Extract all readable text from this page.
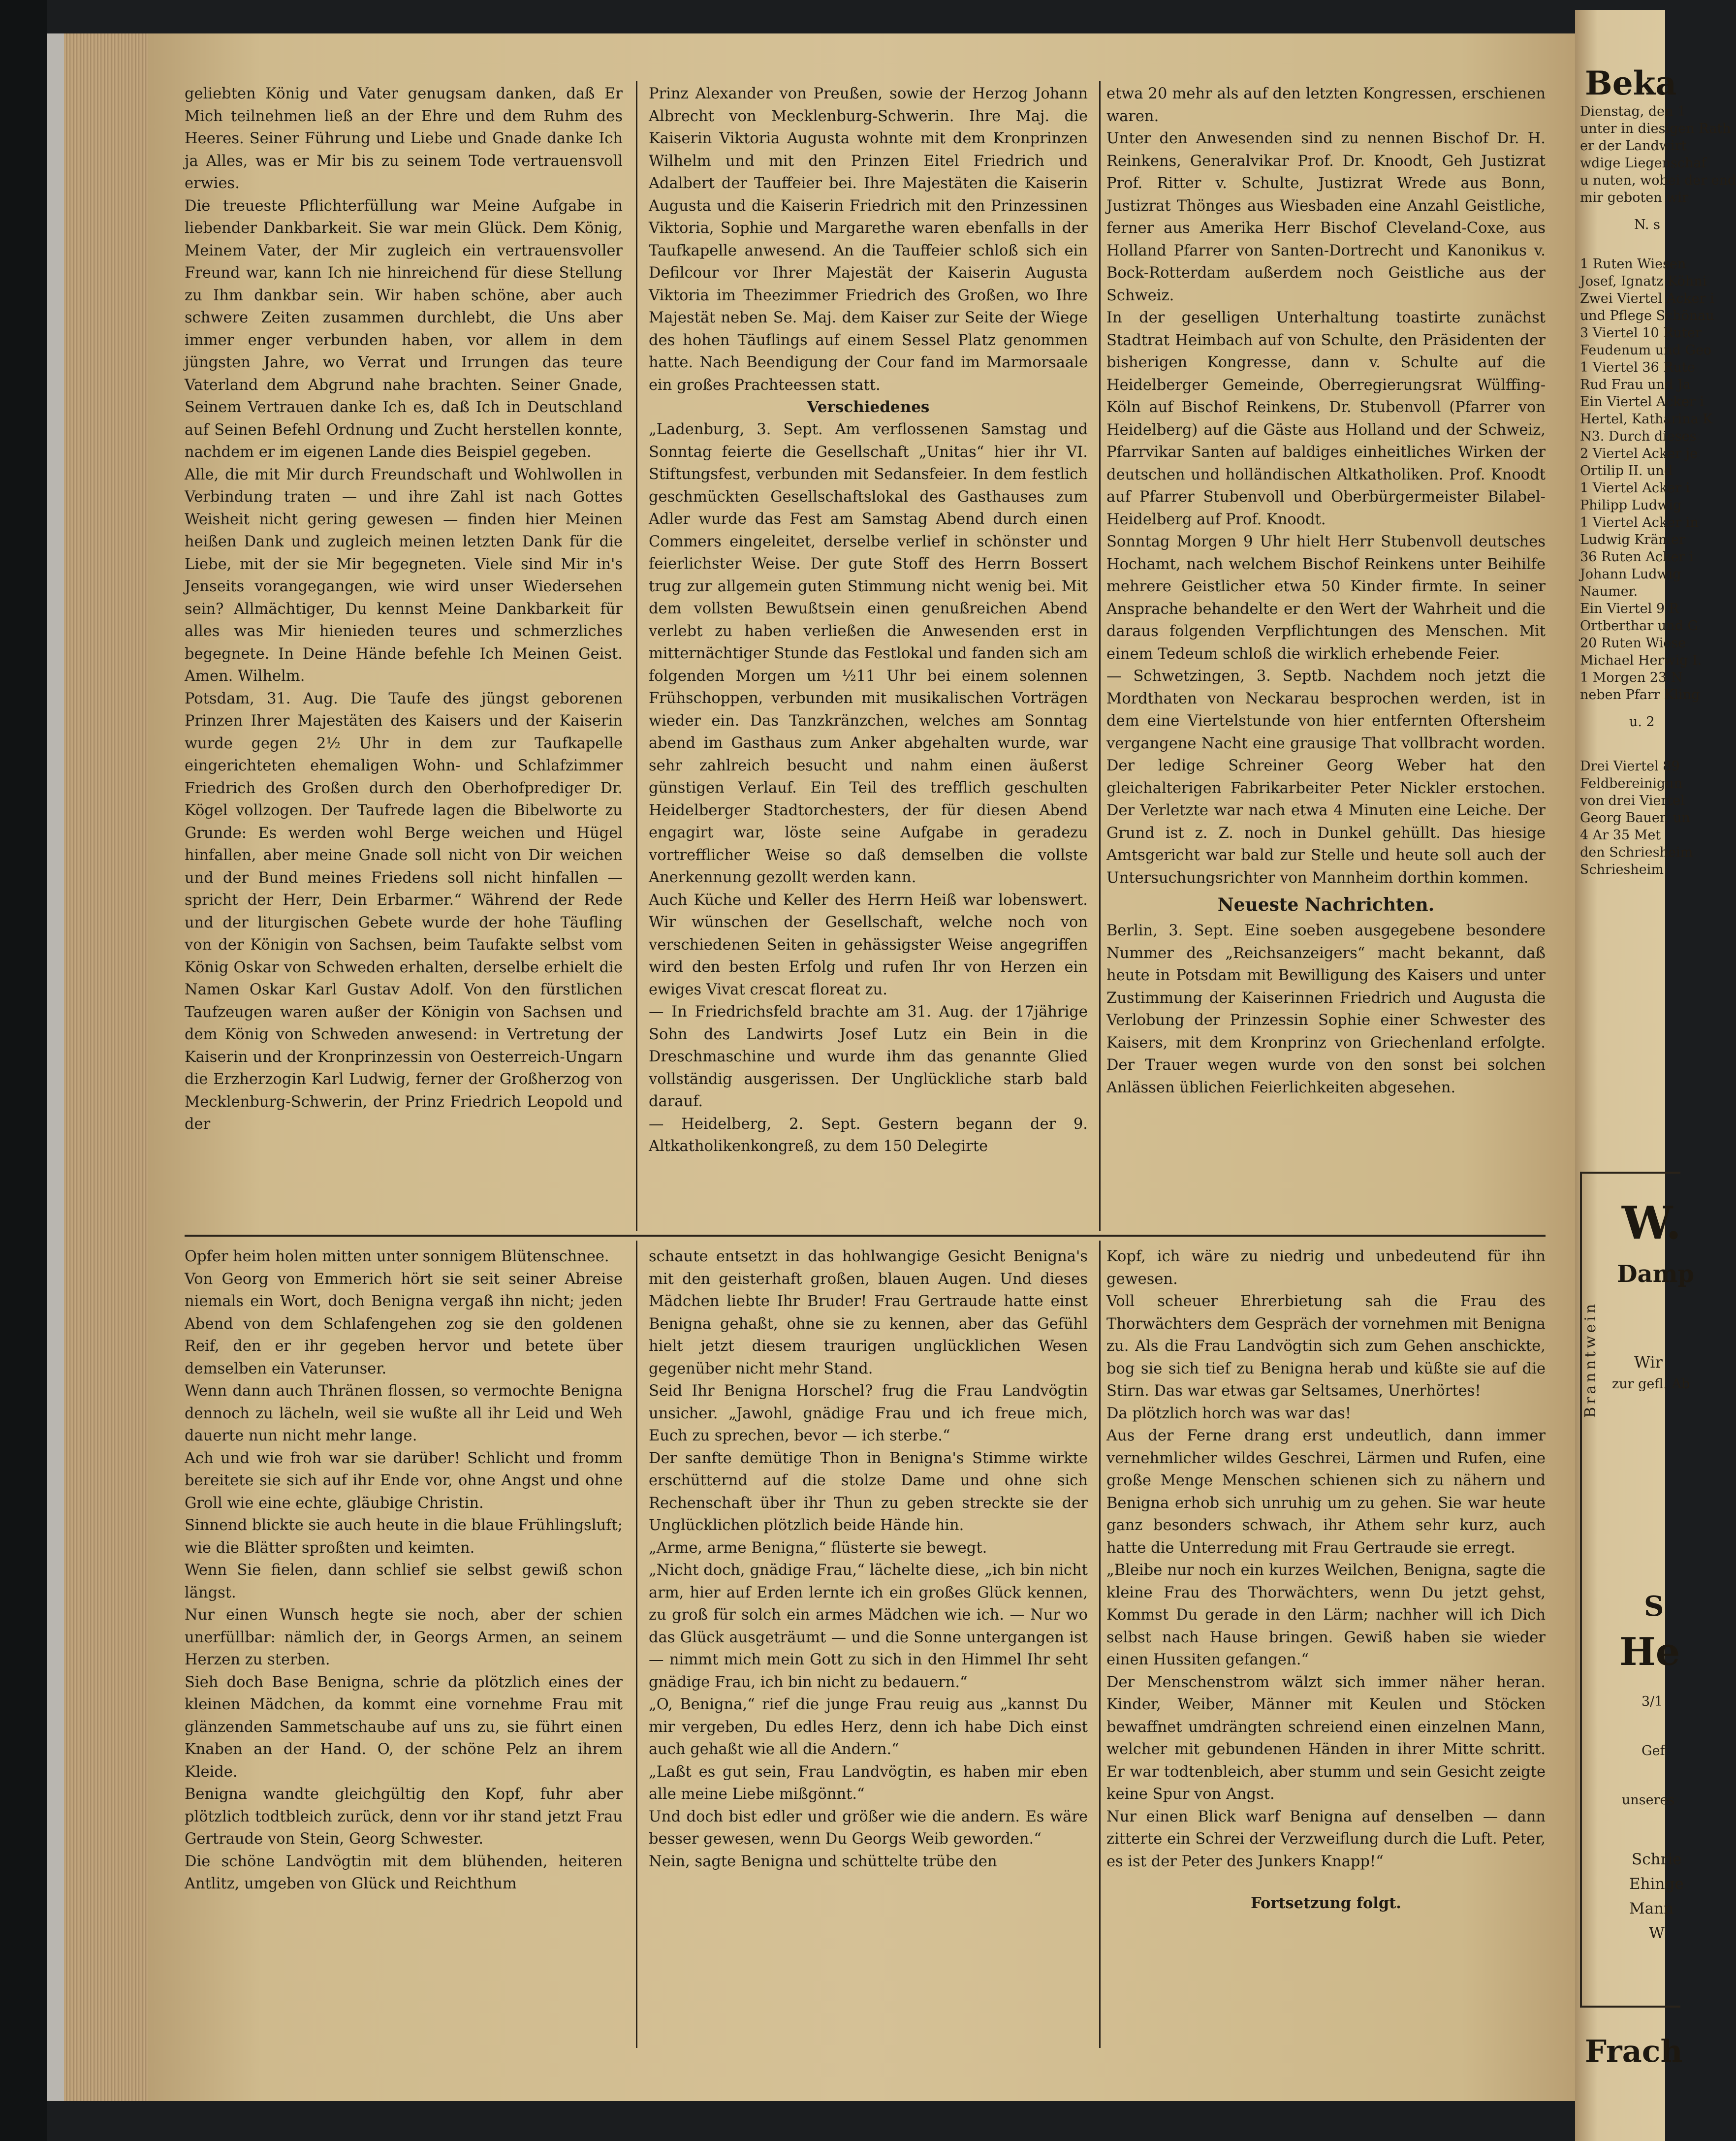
geliebten König und Vater genugsam danken, daß Er Mich teilnehmen ließ an der Ehre und dem Ruhm des Heeres. Seiner Führung und Liebe und Gnade danke Ich ja Alles, was er Mir bis zu seinem Tode vertrauensvoll erwies.
Die treueste Pflichterfüllung war Meine Aufgabe in liebender Dankbarkeit. Sie war mein Glück. Dem König, Meinem Vater, der Mir zugleich ein vertrauensvoller Freund war, kann Ich nie hinreichend für diese Stellung zu Ihm dankbar sein. Wir haben schöne, aber auch schwere Zeiten zusammen durchlebt, die Uns aber immer enger verbunden haben, vor allem in dem jüngsten Jahre, wo Verrat und Irrungen das teure Vaterland dem Abgrund nahe brachten. Seiner Gnade, Seinem Vertrauen danke Ich es, daß Ich in Deutschland auf Seinen Befehl Ordnung und Zucht herstellen konnte, nachdem er im eigenen Lande dies Beispiel gegeben.
Alle, die mit Mir durch Freundschaft und Wohlwollen in Verbindung traten — und ihre Zahl ist nach Gottes Weisheit nicht gering gewesen — finden hier Meinen heißen Dank und zugleich meinen letzten Dank für die Liebe, mit der sie Mir begegneten. Viele sind Mir in's Jenseits vorangegangen, wie wird unser Wiedersehen sein? Allmächtiger, Du kennst Meine Dankbarkeit für alles was Mir hienieden teures und schmerzliches begegnete. In Deine Hände befehle Ich Meinen Geist. Amen. Wilhelm.
Potsdam, 31. Aug. Die Taufe des jüngst geborenen Prinzen Ihrer Majestäten des Kaisers und der Kaiserin wurde gegen 2½ Uhr in dem zur Taufkapelle eingerichteten ehemaligen Wohn- und Schlafzimmer Friedrich des Großen durch den Oberhofprediger Dr. Kögel vollzogen. Der Taufrede lagen die Bibelworte zu Grunde: Es werden wohl Berge weichen und Hügel hinfallen, aber meine Gnade soll nicht von Dir weichen und der Bund meines Friedens soll nicht hinfallen — spricht der Herr, Dein Erbarmer.“ Während der Rede und der liturgischen Gebete wurde der hohe Täufling von der Königin von Sachsen, beim Taufakte selbst vom König Oskar von Schweden erhalten, derselbe erhielt die Namen Oskar Karl Gustav Adolf. Von den fürstlichen Taufzeugen waren außer der Königin von Sachsen und dem König von Schweden anwesend: in Vertretung der Kaiserin und der Kronprinzessin von Oesterreich-Ungarn die Erzherzogin Karl Ludwig, ferner der Großherzog von Mecklenburg-Schwerin, der Prinz Friedrich Leopold und der

Prinz Alexander von Preußen, sowie der Herzog Johann Albrecht von Mecklenburg-Schwerin. Ihre Maj. die Kaiserin Viktoria Augusta wohnte mit dem Kronprinzen Wilhelm und mit den Prinzen Eitel Friedrich und Adalbert der Tauffeier bei. Ihre Majestäten die Kaiserin Augusta und die Kaiserin Friedrich mit den Prinzessinen Viktoria, Sophie und Margarethe waren ebenfalls in der Taufkapelle anwesend. An die Tauffeier schloß sich ein Defilcour vor Ihrer Majestät der Kaiserin Augusta Viktoria im Theezimmer Friedrich des Großen, wo Ihre Majestät neben Se. Maj. dem Kaiser zur Seite der Wiege des hohen Täuflings auf einem Sessel Platz genommen hatte. Nach Beendigung der Cour fand im Marmorsaale ein großes Prachteessen statt.

Verschiedenes

„Ladenburg, 3. Sept. Am verflossenen Samstag und Sonntag feierte die Gesellschaft „Unitas“ hier ihr VI. Stiftungsfest, verbunden mit Sedansfeier. In dem festlich geschmückten Gesellschaftslokal des Gasthauses zum Adler wurde das Fest am Samstag Abend durch einen Commers eingeleitet, derselbe verlief in schönster und feierlichster Weise. Der gute Stoff des Herrn Bossert trug zur allgemein guten Stimmung nicht wenig bei. Mit dem vollsten Bewußtsein einen genußreichen Abend verlebt zu haben verließen die Anwesenden erst in mitternächtiger Stunde das Festlokal und fanden sich am folgenden Morgen um ½11 Uhr bei einem solennen Frühschoppen, verbunden mit musikalischen Vorträgen wieder ein. Das Tanzkränzchen, welches am Sonntag abend im Gasthaus zum Anker abgehalten wurde, war sehr zahlreich besucht und nahm einen äußerst günstigen Verlauf. Ein Teil des trefflich geschulten Heidelberger Stadtorchesters, der für diesen Abend engagirt war, löste seine Aufgabe in geradezu vortrefflicher Weise so daß demselben die vollste Anerkennung gezollt werden kann.
Auch Küche und Keller des Herrn Heiß war lobenswert. Wir wünschen der Gesellschaft, welche noch von verschiedenen Seiten in gehässigster Weise angegriffen wird den besten Erfolg und rufen Ihr von Herzen ein ewiges Vivat crescat floreat zu.
— In Friedrichsfeld brachte am 31. Aug. der 17jährige Sohn des Landwirts Josef Lutz ein Bein in die Dreschmaschine und wurde ihm das genannte Glied vollständig ausgerissen. Der Unglückliche starb bald darauf.
— Heidelberg, 2. Sept. Gestern begann der 9. Altkatholikenkongreß, zu dem 150 Delegirte

etwa 20 mehr als auf den letzten Kongressen, erschienen waren.
Unter den Anwesenden sind zu nennen Bischof Dr. H. Reinkens, Generalvikar Prof. Dr. Knoodt, Geh Justizrat Prof. Ritter v. Schulte, Justizrat Wrede aus Bonn, Justizrat Thönges aus Wiesbaden eine Anzahl Geistliche, ferner aus Amerika Herr Bischof Cleveland-Coxe, aus Holland Pfarrer von Santen-Dortrecht und Kanonikus v. Bock-Rotterdam außerdem noch Geistliche aus der Schweiz.
In der geselligen Unterhaltung toastirte zunächst Stadtrat Heimbach auf von Schulte, den Präsidenten der bisherigen Kongresse, dann v. Schulte auf die Heidelberger Gemeinde, Oberregierungsrat Wülffing-Köln auf Bischof Reinkens, Dr. Stubenvoll (Pfarrer von Heidelberg) auf die Gäste aus Holland und der Schweiz, Pfarrvikar Santen auf baldiges einheitliches Wirken der deutschen und holländischen Altkatholiken. Prof. Knoodt auf Pfarrer Stubenvoll und Oberbürgermeister Bilabel-Heidelberg auf Prof. Knoodt.
Sonntag Morgen 9 Uhr hielt Herr Stubenvoll deutsches Hochamt, nach welchem Bischof Reinkens unter Beihilfe mehrere Geistlicher etwa 50 Kinder firmte. In seiner Ansprache behandelte er den Wert der Wahrheit und die daraus folgenden Verpflichtungen des Menschen. Mit einem Tedeum schloß die wirklich erhebende Feier.
— Schwetzingen, 3. Septb. Nachdem noch jetzt die Mordthaten von Neckarau besprochen werden, ist in dem eine Viertelstunde von hier entfernten Oftersheim vergangene Nacht eine grausige That vollbracht worden. Der ledige Schreiner Georg Weber hat den gleichalterigen Fabrikarbeiter Peter Nickler erstochen. Der Verletzte war nach etwa 4 Minuten eine Leiche. Der Grund ist z. Z. noch in Dunkel gehüllt. Das hiesige Amtsgericht war bald zur Stelle und heute soll auch der Untersuchungsrichter von Mannheim dorthin kommen.

Neueste Nachrichten.

Berlin, 3. Sept. Eine soeben ausgegebene besondere Nummer des „Reichsanzeigers“ macht bekannt, daß heute in Potsdam mit Bewilligung des Kaisers und unter Zustimmung der Kaiserinnen Friedrich und Augusta die Verlobung der Prinzessin Sophie einer Schwester des Kaisers, mit dem Kronprinz von Griechenland erfolgte. Der Trauer wegen wurde von den sonst bei solchen Anlässen üblichen Feierlichkeiten abgesehen.

Opfer heim holen mitten unter sonnigem Blütenschnee.
Von Georg von Emmerich hört sie seit seiner Abreise niemals ein Wort, doch Benigna vergaß ihn nicht; jeden Abend von dem Schlafengehen zog sie den goldenen Reif, den er ihr gegeben hervor und betete über demselben ein Vaterunser.
Wenn dann auch Thränen flossen, so vermochte Benigna dennoch zu lächeln, weil sie wußte all ihr Leid und Weh dauerte nun nicht mehr lange.
Ach und wie froh war sie darüber! Schlicht und fromm bereitete sie sich auf ihr Ende vor, ohne Angst und ohne Groll wie eine echte, gläubige Christin.
Sinnend blickte sie auch heute in die blaue Frühlingsluft; wie die Blätter sproßten und keimten.
Wenn Sie fielen, dann schlief sie selbst gewiß schon längst.
Nur einen Wunsch hegte sie noch, aber der schien unerfüllbar: nämlich der, in Georgs Armen, an seinem Herzen zu sterben.
Sieh doch Base Benigna, schrie da plötzlich eines der kleinen Mädchen, da kommt eine vornehme Frau mit glänzenden Sammetschaube auf uns zu, sie führt einen Knaben an der Hand. O, der schöne Pelz an ihrem Kleide.
Benigna wandte gleichgültig den Kopf, fuhr aber plötzlich todtbleich zurück, denn vor ihr stand jetzt Frau Gertraude von Stein, Georg Schwester.
Die schöne Landvögtin mit dem blühenden, heiteren Antlitz, umgeben von Glück und Reichthum

schaute entsetzt in das hohlwangige Gesicht Benigna's mit den geisterhaft großen, blauen Augen. Und dieses Mädchen liebte Ihr Bruder! Frau Gertraude hatte einst Benigna gehaßt, ohne sie zu kennen, aber das Gefühl hielt jetzt diesem traurigen unglücklichen Wesen gegenüber nicht mehr Stand.
Seid Ihr Benigna Horschel? frug die Frau Landvögtin unsicher. „Jawohl, gnädige Frau und ich freue mich, Euch zu sprechen, bevor — ich sterbe.“
Der sanfte demütige Thon in Benigna's Stimme wirkte erschütternd auf die stolze Dame und ohne sich Rechenschaft über ihr Thun zu geben streckte sie der Unglücklichen plötzlich beide Hände hin.
„Arme, arme Benigna,“ flüsterte sie bewegt.
„Nicht doch, gnädige Frau,“ lächelte diese, „ich bin nicht arm, hier auf Erden lernte ich ein großes Glück kennen, zu groß für solch ein armes Mädchen wie ich. — Nur wo das Glück ausgeträumt — und die Sonne untergangen ist — nimmt mich mein Gott zu sich in den Himmel Ihr seht gnädige Frau, ich bin nicht zu bedauern.“
„O, Benigna,“ rief die junge Frau reuig aus „kannst Du mir vergeben, Du edles Herz, denn ich habe Dich einst auch gehaßt wie all die Andern.“
„Laßt es gut sein, Frau Landvögtin, es haben mir eben alle meine Liebe mißgönnt.“
Und doch bist edler und größer wie die andern. Es wäre besser gewesen, wenn Du Georgs Weib geworden.“
Nein, sagte Benigna und schüttelte trübe den

Kopf, ich wäre zu niedrig und unbedeutend für ihn gewesen.
Voll scheuer Ehrerbietung sah die Frau des Thorwächters dem Gespräch der vornehmen mit Benigna zu. Als die Frau Landvögtin sich zum Gehen anschickte, bog sie sich tief zu Benigna herab und küßte sie auf die Stirn. Das war etwas gar Seltsames, Unerhörtes!
Da plötzlich horch was war das!
Aus der Ferne drang erst undeutlich, dann immer vernehmlicher wildes Geschrei, Lärmen und Rufen, eine große Menge Menschen schienen sich zu nähern und Benigna erhob sich unruhig um zu gehen. Sie war heute ganz besonders schwach, ihr Athem sehr kurz, auch hatte die Unterredung mit Frau Gertraude sie erregt.
„Bleibe nur noch ein kurzes Weilchen, Benigna, sagte die kleine Frau des Thorwächters, wenn Du jetzt gehst, Kommst Du gerade in den Lärm; nachher will ich Dich selbst nach Hause bringen. Gewiß haben sie wieder einen Hussiten gefangen.“
Der Menschenstrom wälzt sich immer näher heran. Kinder, Weiber, Männer mit Keulen und Stöcken bewaffnet umdrängten schreiend einen einzelnen Mann, welcher mit gebundenen Händen in ihrer Mitte schritt. Er war todtenbleich, aber stumm und sein Gesicht zeigte keine Spur von Angst.
Nur einen Blick warf Benigna auf denselben — dann zitterte ein Schrei der Verzweiflung durch die Luft. Peter, es ist der Peter des Junkers Knapp!“

Fortsetzung folgt.
Beka
Dienstag, den 1
unter in diesigen Rath
er der Landwirt
wdige Liegenschaf
u nuten, wobei der end
mir geboten wir
N. s
1 Ruten Wiesen
Josef, Ignatz Köhni
Zwei Viertel Acker i
und Pflege Schönau
3 Viertel 10 Ruter
Feudenum und Geo
1 Viertel 36 Rute
Rud Frau und Ja
Ein Viertel Acker i
Hertel, Katharina K
N3. Durch dieses
2 Viertel Acker je
Ortilip II. und
1 Viertel Acker i
Philipp Ludwig
1 Viertel Acker in
Ludwig Krämer
36 Ruten Acker i
Johann Ludwig
Naumer.
Ein Viertel 9 R
Ortberthar und G
20 Ruten Wiese
Michael Herwig I.
1 Morgen 23 N
neben Pfarr Kling
u. 2
Drei Viertel 89
Feldbereinigun
von drei Viertel
Georg Bauer, un
4 Ar 35 Met
den Schriesheim
Schriesheim
W.
Damp
Branntwein Wir
zur gefl. Ab
S
He
3/1
Gef
unseres
Schrie
Ehinge
Mann
W
Frach
